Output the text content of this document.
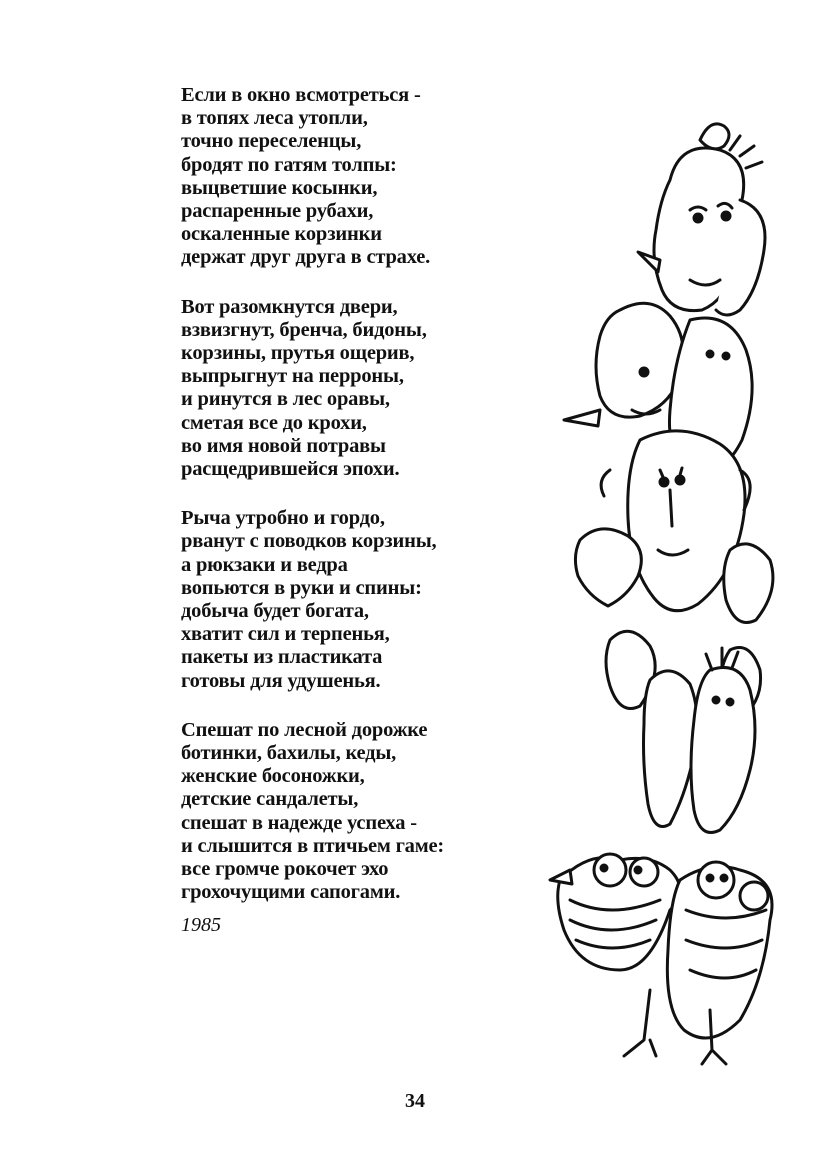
Если в окно всмотреться -
в топях леса утопли,
точно переселенцы,
бродят по гатям толпы:
выцветшие косынки,
распаренные рубахи,
оскаленные корзинки
держат друг друга в страхе.
Вот разомкнутся двери,
взвизгнут, бренча, бидоны,
корзины, прутья ощерив,
выпрыгнут на перроны,
и ринутся в лес оравы,
сметая все до крохи,
во имя новой потравы
расщедрившейся эпохи.
Рыча утробно и гордо,
рванут с поводков корзины,
а рюкзаки и ведра
вопьются в руки и спины:
добыча будет богата,
хватит сил и терпенья,
пакеты из пластиката
готовы для удушенья.
Спешат по лесной дорожке
ботинки, бахилы, кеды,
женские босоножки,
детские сандалеты,
спешат в надежде успеха -
и слышится в птичьем гаме:
все громче рокочет эхо
грохочущими сапогами.
1985
34
